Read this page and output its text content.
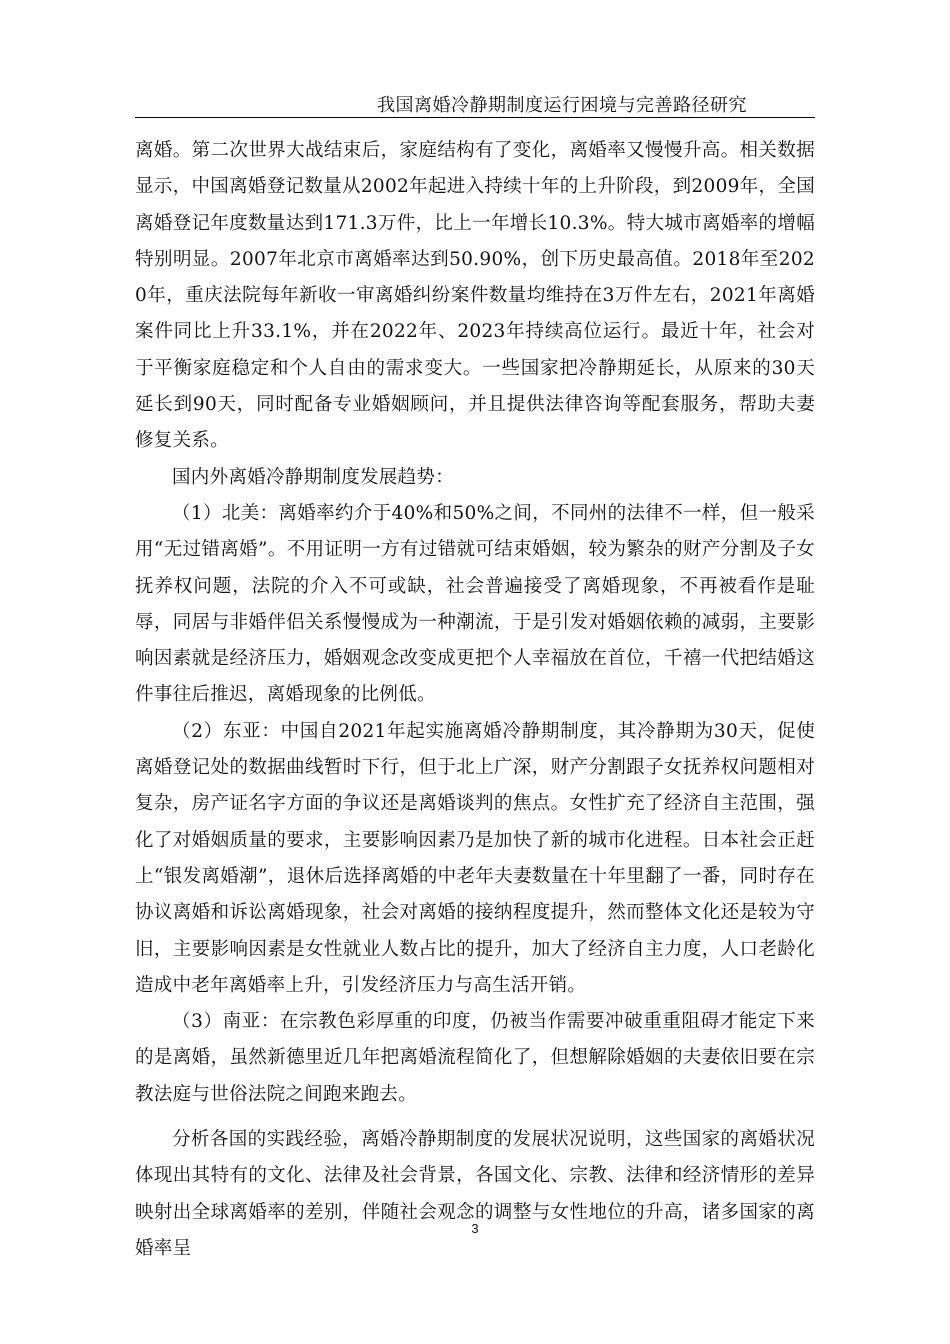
我国离婚冷静期制度运行困境与完善路径研究

离婚。第二次世界大战结束后，家庭结构有了变化，离婚率又慢慢升高。相关数据显示，中国离婚登记数量从2002年起进入持续十年的上升阶段，到2009年，全国离婚登记年度数量达到171.3万件，比上一年增长10.3%。特大城市离婚率的增幅特别明显。2007年北京市离婚率达到50.90%，创下历史最高值。2018年至2020年，重庆法院每年新收一审离婚纠纷案件数量均维持在3万件左右，2021年离婚案件同比上升33.1%，并在2022年、2023年持续高位运行。最近十年，社会对于平衡家庭稳定和个人自由的需求变大。一些国家把冷静期延长，从原来的30天延长到90天，同时配备专业婚姻顾问，并且提供法律咨询等配套服务，帮助夫妻修复关系。

国内外离婚冷静期制度发展趋势：

（1）北美：离婚率约介于40%和50%之间，不同州的法律不一样，但一般采用“无过错离婚”。不用证明一方有过错就可结束婚姻，较为繁杂的财产分割及子女抚养权问题，法院的介入不可或缺，社会普遍接受了离婚现象，不再被看作是耻辱，同居与非婚伴侣关系慢慢成为一种潮流，于是引发对婚姻依赖的减弱，主要影响因素就是经济压力，婚姻观念改变成更把个人幸福放在首位，千禧一代把结婚这件事往后推迟，离婚现象的比例低。

（2）东亚：中国自2021年起实施离婚冷静期制度，其冷静期为30天，促使离婚登记处的数据曲线暂时下行，但于北上广深，财产分割跟子女抚养权问题相对复杂，房产证名字方面的争议还是离婚谈判的焦点。女性扩充了经济自主范围，强化了对婚姻质量的要求，主要影响因素乃是加快了新的城市化进程。日本社会正赶上“银发离婚潮”，退休后选择离婚的中老年夫妻数量在十年里翻了一番，同时存在协议离婚和诉讼离婚现象，社会对离婚的接纳程度提升，然而整体文化还是较为守旧，主要影响因素是女性就业人数占比的提升，加大了经济自主力度，人口老龄化造成中老年离婚率上升，引发经济压力与高生活开销。

（3）南亚：在宗教色彩厚重的印度，仍被当作需要冲破重重阻碍才能定下来的是离婚，虽然新德里近几年把离婚流程简化了，但想解除婚姻的夫妻依旧要在宗教法庭与世俗法院之间跑来跑去。

分析各国的实践经验，离婚冷静期制度的发展状况说明，这些国家的离婚状况体现出其特有的文化、法律及社会背景，各国文化、宗教、法律和经济情形的差异映射出全球离婚率的差别，伴随社会观念的调整与女性地位的升高，诸多国家的离婚率呈

3
